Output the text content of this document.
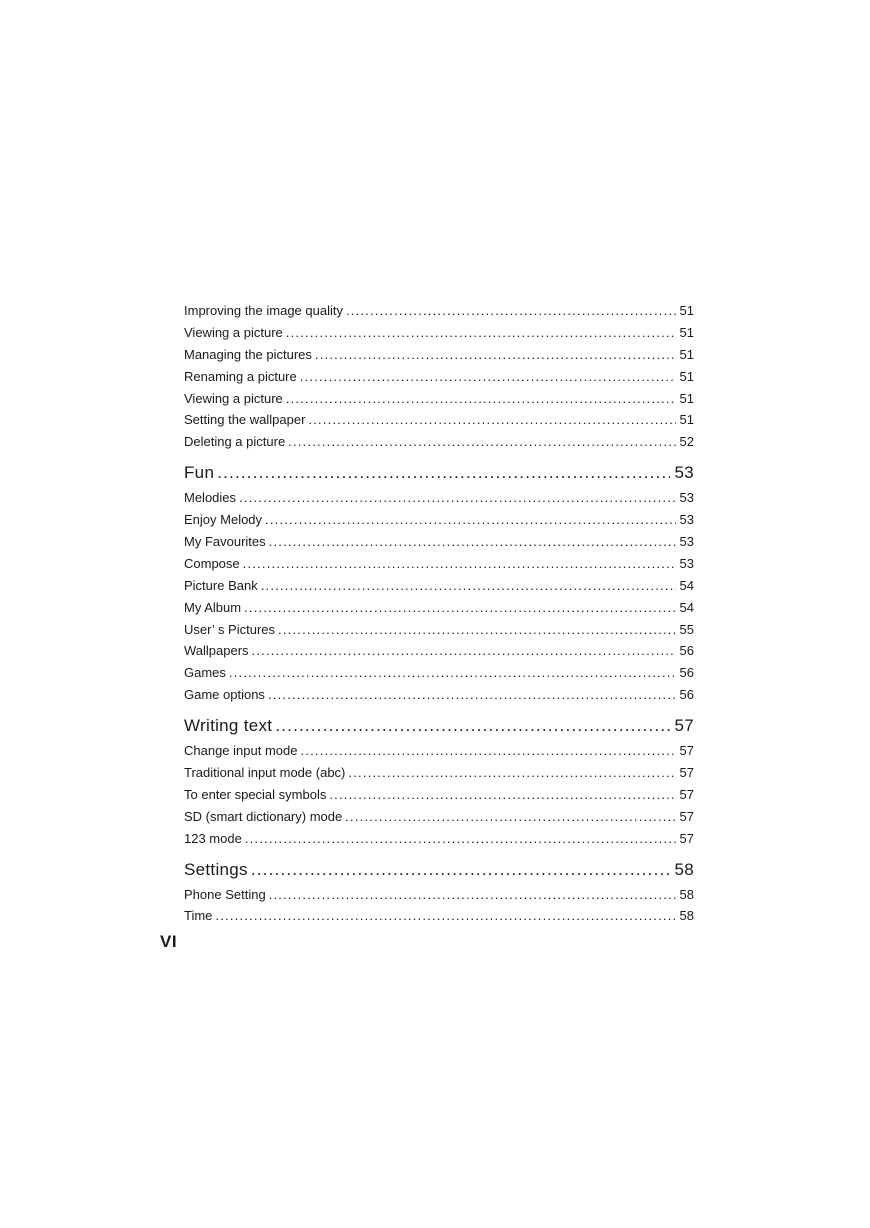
Improving the image quality .....	51
Viewing a picture .....	51
Managing the pictures .....	51
Renaming a picture .....	51
Viewing a picture .....	51
Setting the wallpaper .....	51
Deleting a picture .....	52
Fun .....	53
Melodies .....	53
Enjoy Melody .....	53
My Favourites .....	53
Compose .....	53
Picture Bank .....	54
My Album .....	54
User’ s Pictures .....	55
Wallpapers .....	56
Games .....	56
Game options .....	56
Writing text .....	57
Change input mode .....	57
Traditional input mode (abc) .....	57
To enter special symbols .....	57
SD (smart dictionary) mode .....	57
123 mode .....	57
Settings .....	58
Phone Setting .....	58
Time .....	58
VI
